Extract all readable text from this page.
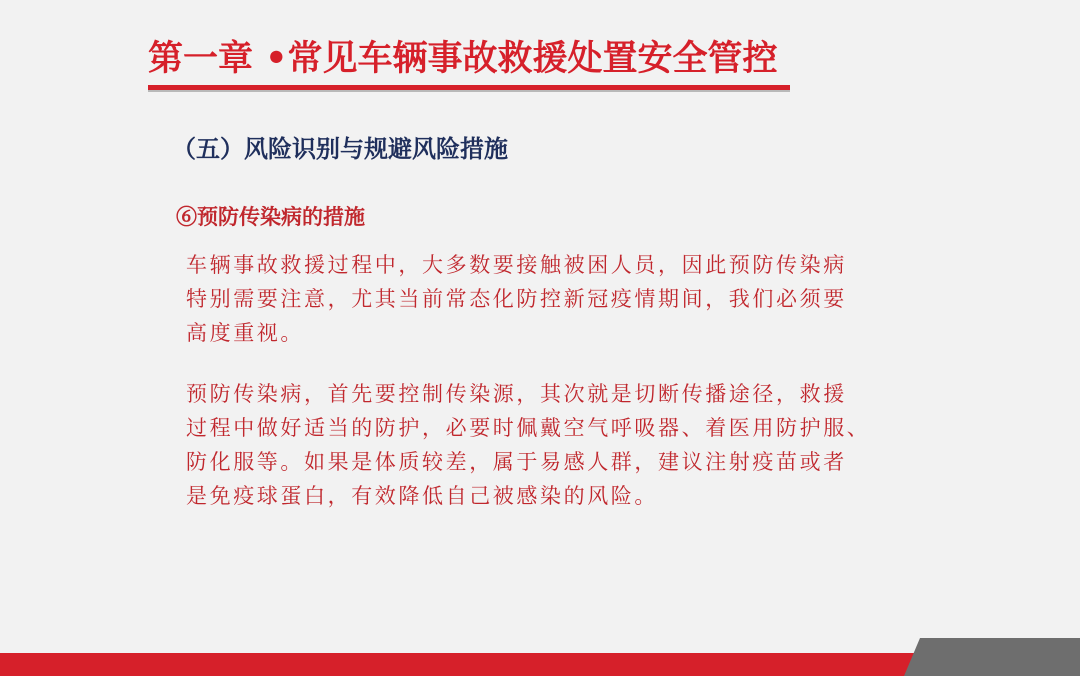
第一章 •常见车辆事故救援处置安全管控
（五）风险识别与规避风险措施
⑥预防传染病的措施
车辆事故救援过程中，大多数要接触被困人员，因此预防传染病
特别需要注意，尤其当前常态化防控新冠疫情期间，我们必须要
高度重视。
预防传染病，首先要控制传染源，其次就是切断传播途径，救援
过程中做好适当的防护，必要时佩戴空气呼吸器、着医用防护服、
防化服等。如果是体质较差，属于易感人群，建议注射疫苗或者
是免疫球蛋白，有效降低自己被感染的风险。
